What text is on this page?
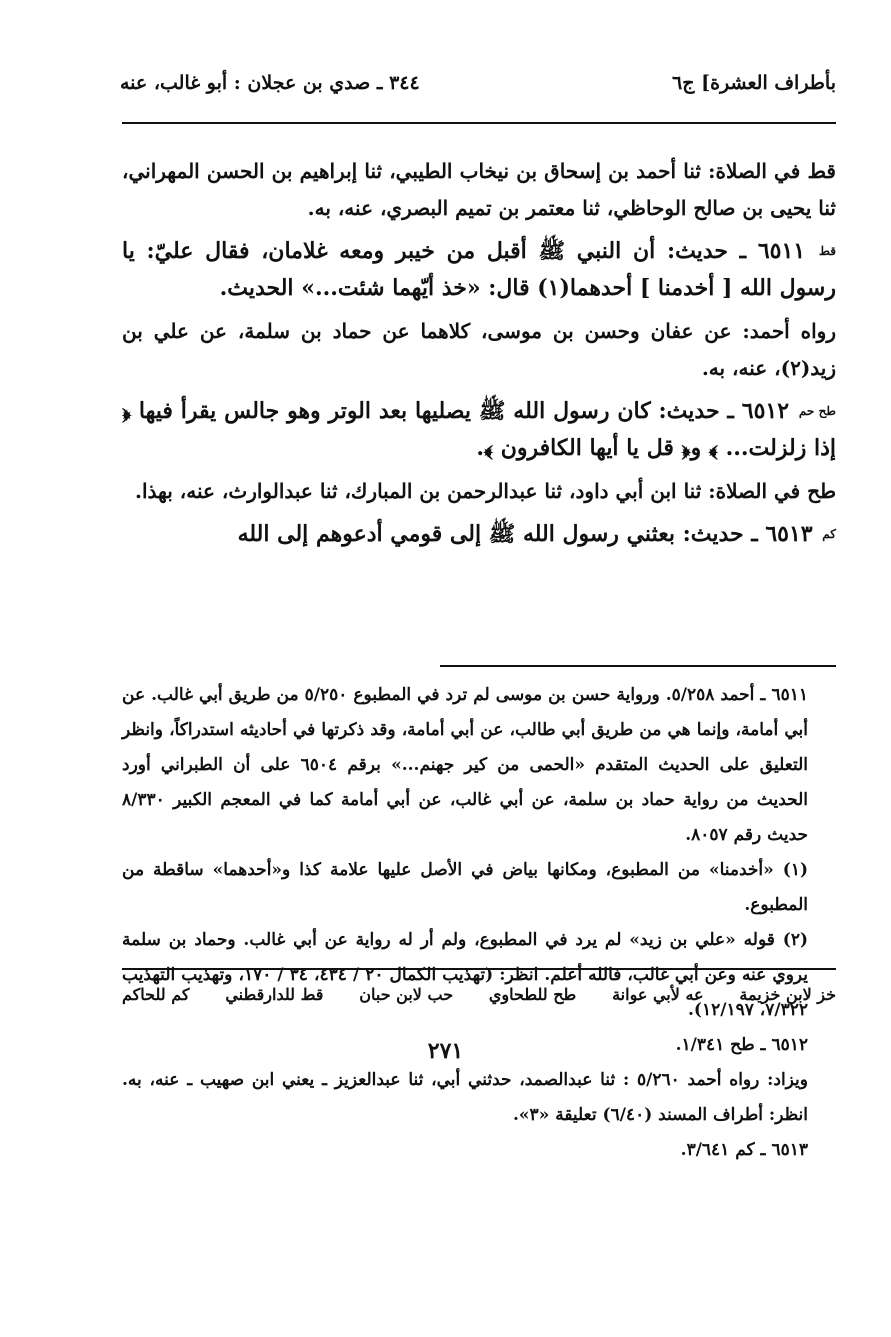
بأطراف العشرة] ج٦
٣٤٤ ـ صدي بن عجلان : أبو غالب، عنه

قط في الصلاة: ثنا أحمد بن إسحاق بن نيخاب الطيبي، ثنا إبراهيم بن الحسن المهراني، ثنا يحيى بن صالح الوحاظي، ثنا معتمر بن تميم البصري، عنه، به.

$^{قط}$ ٦٥١١ ـ حديث: أن النبي ﷺ أقبل من خيبر ومعه غلامان، فقال عليّ: يا رسول الله [ أخدمنا ] أحدهما(١) قال: «خذ أيّهما شئت...» الحديث.

رواه أحمد: عن عفان وحسن بن موسى، كلاهما عن حماد بن سلمة، عن علي بن زيد(٢)، عنه، به.

$^{طح حم}$ ٦٥١٢ ـ حديث: كان رسول الله ﷺ يصليها بعد الوتر وهو جالس يقرأ فيها ﴿ إذا زلزلت... ﴾ و﴿ قل يا أيها الكافرون ﴾.

طح في الصلاة: ثنا ابن أبي داود، ثنا عبدالرحمن بن المبارك، ثنا عبدالوارث، عنه، بهذا.

$^{كم}$ ٦٥١٣ ـ حديث: بعثني رسول الله ﷺ إلى قومي أدعوهم إلى الله

٦٥١١ ـ أحمد ٥/٢٥٨. ورواية حسن بن موسى لم ترد في المطبوع ٥/٢٥٠ من طريق أبي غالب. عن أبي أمامة، وإنما هي من طريق أبي طالب، عن أبي أمامة، وقد ذكرتها في أحاديثه استدراكاً، وانظر التعليق على الحديث المتقدم «الحمى من كير جهنم...» برقم ٦٥٠٤ على أن الطبراني أورد الحديث من رواية حماد بن سلمة، عن أبي غالب، عن أبي أمامة كما في المعجم الكبير ٨/٣٣٠ حديث رقم ٨٠٥٧.

(١) «أخدمنا» من المطبوع، ومكانها بياض في الأصل عليها علامة كذا و«أحدهما» ساقطة من المطبوع.

(٢) قوله «علي بن زيد» لم يرد في المطبوع، ولم أر له رواية عن أبي غالب. وحماد بن سلمة يروي عنه وعن أبي غالب، فالله أعلم. انظر: (تهذيب الكمال ٢٠ / ٤٣٤، ٣٤ / ١٧٠، وتهذيب التهذيب ٧/٣٢٢، ١٢/١٩٧).

٦٥١٢ ـ طح ١/٣٤١.

ويزاد: رواه أحمد ٥/٢٦٠ : ثنا عبدالصمد، حدثني أبي، ثنا عبدالعزيز ـ يعني ابن صهيب ـ عنه، به. انظر: أطراف المسند (٦/٤٠) تعليقة «٣».

٦٥١٣ ـ كم ٣/٦٤١.

خز لابن خزيمة
عه لأبي عوانة
طح للطحاوي
حب لابن حبان
قط للدارقطني
كم للحاكم
٢٧١
